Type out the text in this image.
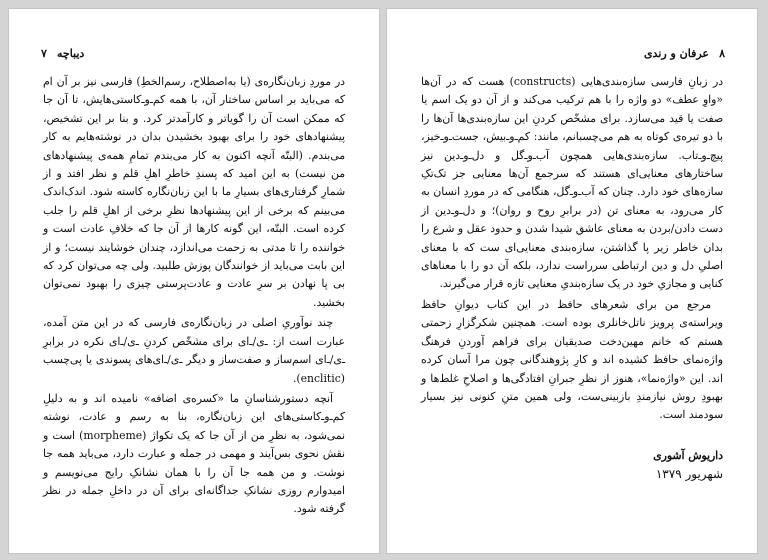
۸
عرفان و رندی

در زبانِ فارسی سازه‌بندی‌هایی (constructs) هست که در آن‌ها «واوِ عطف» دو واژه را با هم ترکیب می‌کند و از آن دو یک اسم یا صفت یا قید می‌سازد. برای مشخّص کردنِ این سازه‌بندی‌ها آن‌ها را با دو تیره‌ی کوتاه به هم می‌چسبانم، مانند: کم‌ـ‌و‌ـ‌بیش، جست‌ـ‌و‌ـ‌خیز، پیچ‌ـ‌و‌ـ‌تاب. سازه‌بندی‌هایی همچون آب‌ـ‌و‌ـ‌گل و دل‌ـ‌و‌ـ‌دین نیز ساختارهای معنایی‌ای هستند که سرجمع آن‌ها معنایی جز تک‌تکِ سازه‌های خود دارد. چنان که آب‌ـ‌و‌ـ‌گل، هنگامی که در موردِ انسان به کار می‌رود، به معنای تن (در برابرِ روح و روان)؛ و دل‌ـ‌و‌ـ‌دین از دست دادن/بردن به معنای عاشق شیدا شدن و حدود عقل و شرع را بدان خاطر زیر پا گذاشتن، سازه‌بندی معنایی‌ای ست که با معنای اصلیِ دل و دین ارتباطی سرراست ندارد، بلکه آن دو را با معناهای کنایی و مجازیِ خود در یک سازه‌بندیِ معنایی تازه قرار می‌گیرند.

مرجع من برای شعرهای حافظ در این کتاب دیوانِ حافظ ویراسته‌ی پرویز ناتل‌خانلری بوده است. همچنین شکرگزارِ زحمتی هستم که خانم مهین‌دخت صدیقیان برای فراهم آوردنِ فرهنگ واژه‌نمای حافظ کشیده اند و کارِ پژوهندگانی چون مرا آسان کرده اند. این «واژه‌نما»، هنوز از نظرِ جبرانِ افتادگی‌ها و اصلاحِ غلط‌ها و بهبودِ روش نیازمندِ بازبینی‌ست، ولی همین متنِ کنونی نیز بسیار سودمند است.

داریوش آشوری
شهریور ۱۳۷۹
۷ دیباچه

در موردِ زبان‌نگاره‌ی (یا به‌اصطلاح، رسم‌الخطِ) فارسی نیز بر آن ام که می‌باید بر اساس ساختار آن، با همه کم‌ـ‌و‌ـ‌کاستی‌هایش، تا آن جا که ممکن است آن را گویاتر و کارآمدتر کرد. و بنا بر این تشخیص، پیشنهادهای خود را برای بهبود بخشیدن بدان در نوشته‌هایم به کار می‌بندم. (البتّه آنچه اکنون به کار می‌بندم تمامِ همه‌ی پیشنهادهای من نیست) به این امید که پسندِ خاطرِ اهلِ قلم و نظر افتد و از شمارِ گرفتاری‌های بسیارِ ما با این زبان‌نگاره کاسته شود. اندک‌اندک می‌بینم که برخی از این پیشنهادها نظرِ برخی از اهلِ قلم را جلب کرده است. البتّه، این گونه کارها از آن جا که خلافِ عادت است و خواننده را تا مدتی به زحمت می‌اندازد، چندان خوشایند نیست؛ و از این بابت می‌باید از خوانندگان پوزش طلبید. ولی چه می‌توان کرد که بی پا نهادن بر سرِ عادت و عادت‌پرستی چیزی را بهبود نمی‌توان بخشید.

چند نوآوریِ اصلی در زبان‌نگاره‌ی فارسی که در این متن آمده، عبارت است از: ـ‌ی/ـ‌ای برای مشخّص کردنِ ـ‌ی/ـ‌ای نکره در برابرِ ـ‌ی/ـ‌ای اسم‌ساز و صفت‌ساز و دیگر ـ‌ی/ـ‌ای‌های پسوندی یا پی‌چسب (enclitic).

آنچه دستورشناسانِ ما «کسره‌ی اضافه» نامیده اند و به دلیلِ کم‌ـ‌و‌ـ‌کاستی‌های این زبان‌نگاره، بنا به رسم و عادت، نوشته نمی‌شود، به نظرِ من از آن جا که یک تکواژ (morpheme) است و نقش نحوی بس‌آیند و مهمی در جمله و عبارت دارد، می‌باید همه جا نوشت. و من همه جا آن را با همان نشانکِ رایج می‌نویسم و امیدوارم روزی نشانکِ جداگانه‌ای برای آن در داخلِ جمله در نظر گرفته شود.
